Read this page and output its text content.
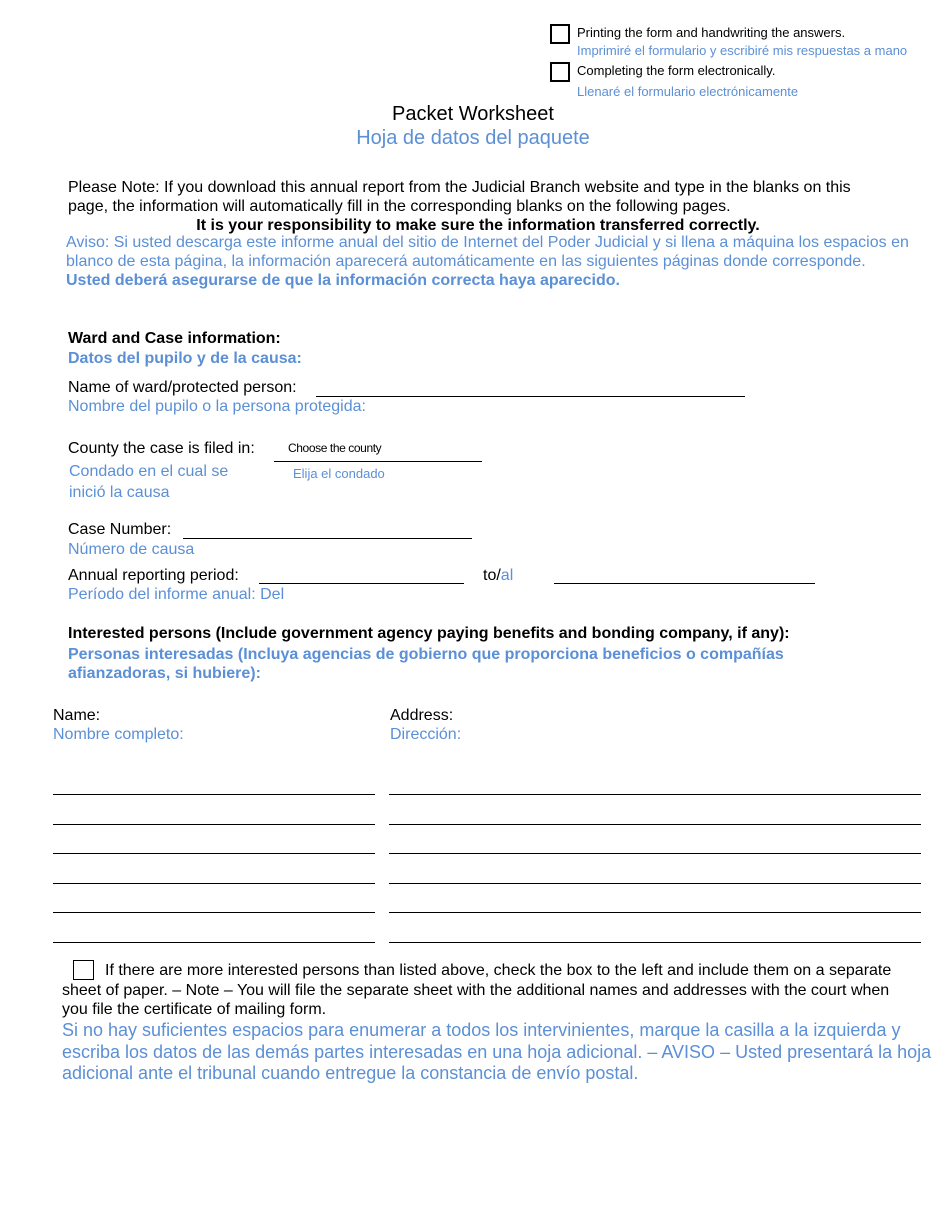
Printing the form and handwriting the answers.
Imprimiré el formulario y escribiré mis respuestas a mano
Completing the form electronically.
Llenaré el formulario electrónicamente
Packet Worksheet
Hoja de datos del paquete

Please Note: If you download this annual report from the Judicial Branch website and type in the blanks on this page, the information will automatically fill in the corresponding blanks on the following pages.

It is your responsibility to make sure the information transferred correctly.

Aviso: Si usted descarga este informe anual del sitio de Internet del Poder Judicial y si llena a máquina los espacios en blanco de esta página, la información aparecerá automáticamente en las siguientes páginas donde corresponde.    Usted deberá asegurarse de que la información correcta haya aparecido.
Ward and Case information:
Datos del pupilo y de la causa:
Name of ward/protected person:
Nombre del pupilo o la persona protegida:
County the case is filed in:
Condado en el cual se inició la causa
Choose the county
Elija el condado
Case Number:
Número de causa
Annual reporting period:
Período del informe anual: Del
to/al
Interested persons (Include government agency paying benefits and bonding company, if any):
Personas interesadas (Incluya agencias de gobierno que proporciona beneficios o compañías afianzadoras, si hubiere):
Name:
Nombre completo:
Address:
Dirección:
If there are more interested persons than listed above, check the box to the left and include them on a separate sheet of paper. – Note – You will file the separate sheet with the additional names and addresses with the court when you file the certificate of mailing form.
Si no hay suficientes espacios para enumerar a todos los intervinientes, marque la casilla a la izquierda y escriba los datos de las demás partes interesadas en una hoja adicional. – AVISO – Usted presentará la hoja adicional ante el tribunal cuando entregue la constancia de envío postal.
